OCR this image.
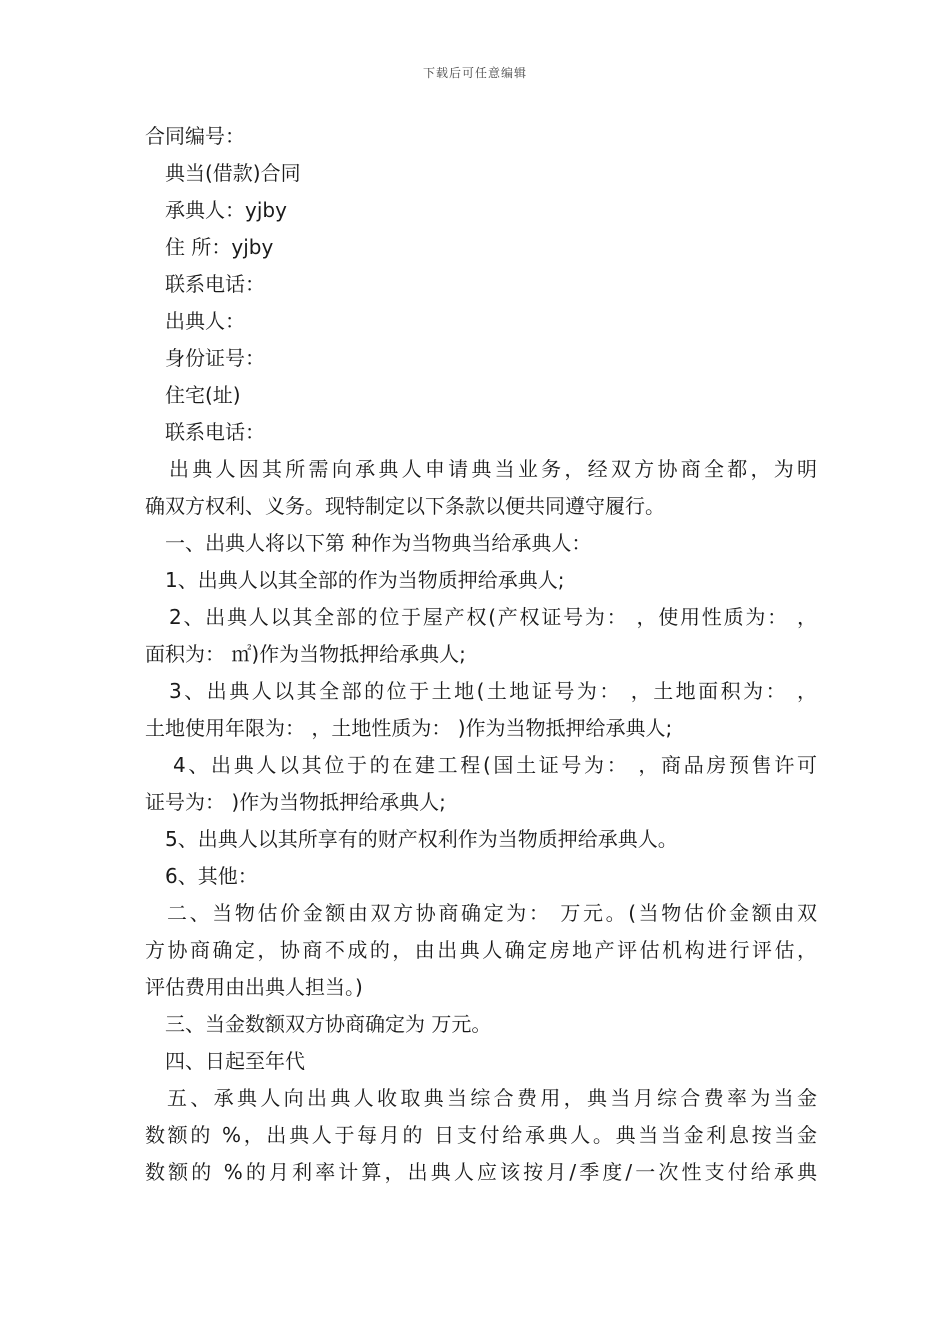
下载后可任意编辑
合同编号：
典当(借款)合同
承典人：yjby
住 所：yjby
联系电话：
出典人：
身份证号：
住宅(址)
联系电话：
出典人因其所需向承典人申请典当业务，经双方协商全都，为明
确双方权利、义务。现特制定以下条款以便共同遵守履行。
一、出典人将以下第 种作为当物典当给承典人：
1、出典人以其全部的作为当物质押给承典人;
2、出典人以其全部的位于屋产权(产权证号为： ，使用性质为： ，
面积为： ㎡)作为当物抵押给承典人;
3、出典人以其全部的位于土地(土地证号为： ，土地面积为： ，
土地使用年限为： ，土地性质为： )作为当物抵押给承典人;
4、出典人以其位于的在建工程(国土证号为： ，商品房预售许可
证号为： )作为当物抵押给承典人;
5、出典人以其所享有的财产权利作为当物质押给承典人。
6、其他：
二、当物估价金额由双方协商确定为： 万元。(当物估价金额由双
方协商确定，协商不成的，由出典人确定房地产评估机构进行评估，
评估费用由出典人担当。)
三、当金数额双方协商确定为 万元。
四、日起至年代
五、承典人向出典人收取典当综合费用，典当月综合费率为当金
数额的 %，出典人于每月的 日支付给承典人。典当当金利息按当金
数额的 %的月利率计算，出典人应该按月/季度/一次性支付给承典
